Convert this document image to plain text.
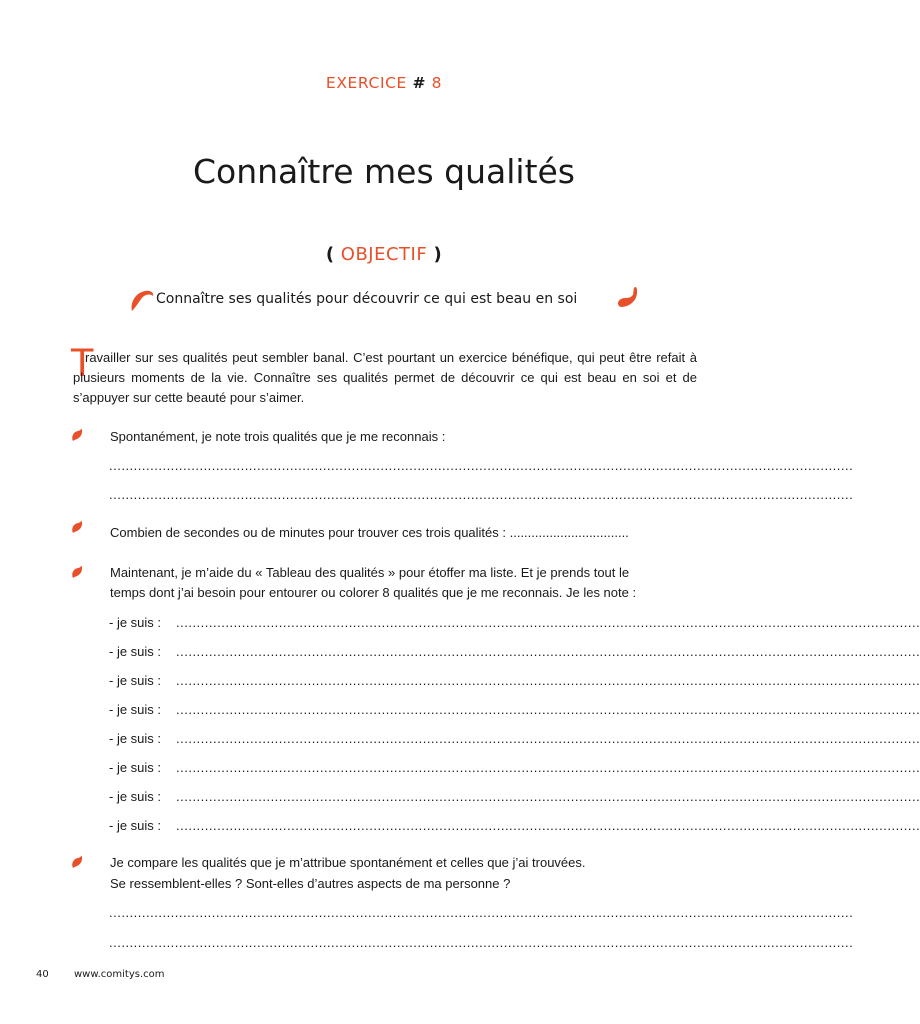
EXERCICE # 8
Connaître mes qualités
( OBJECTIF )
Connaître ses qualités pour découvrir ce qui est beau en soi
T
ravailler sur ses qualités peut sembler banal. C’est pourtant un exercice bénéfique, qui peut être refait à plusieurs moments de la vie. Connaître ses qualités permet de découvrir ce qui est beau en soi et de s’appuyer sur cette beauté pour s’aimer.
Spontanément, je note trois qualités que je me reconnais :
.....................................................................................................................................................................................
.....................................................................................................................................................................................
Combien de secondes ou de minutes pour trouver ces trois qualités : .................................
Maintenant, je m’aide du « Tableau des qualités » pour étoffer ma liste. Et je prends tout le
temps dont j’ai besoin pour entourer ou colorer 8 qualités que je me reconnais. Je les note :
- je suis : .....................................................................................................................................................................................
- je suis : .....................................................................................................................................................................................
- je suis : .....................................................................................................................................................................................
- je suis : .....................................................................................................................................................................................
- je suis : .....................................................................................................................................................................................
- je suis : .....................................................................................................................................................................................
- je suis : .....................................................................................................................................................................................
- je suis : .....................................................................................................................................................................................
Je compare les qualités que je m’attribue spontanément et celles que j’ai trouvées.
Se ressemblent-elles ? Sont-elles d’autres aspects de ma personne ?
.....................................................................................................................................................................................
.....................................................................................................................................................................................
40	www.comitys.com
